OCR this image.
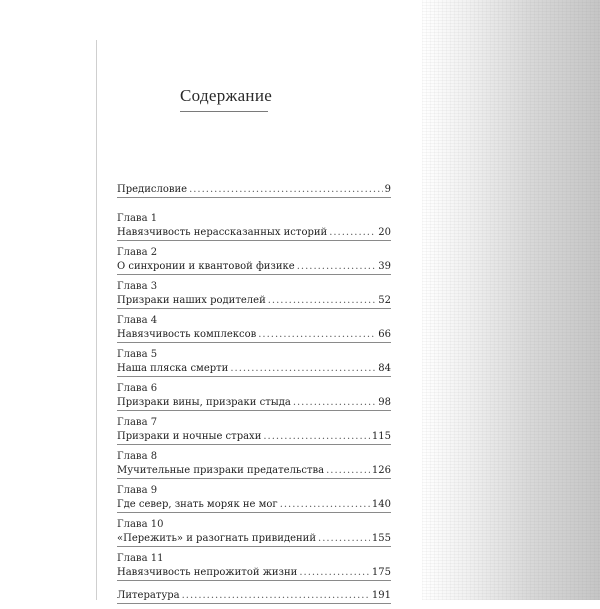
Содержание
Предисловие .....	9
Глава 1
Навязчивость нерассказанных историй .....	20
Глава 2
О синхронии и квантовой физике .....	39
Глава 3
Призраки наших родителей .....	52
Глава 4
Навязчивость комплексов .....	66
Глава 5
Наша пляска смерти .....	84
Глава 6
Призраки вины, призраки стыда .....	98
Глава 7
Призраки и ночные страхи .....	115
Глава 8
Мучительные призраки предательства .....	126
Глава 9
Где север, знать моряк не мог .....	140
Глава 10
«Пережить» и разогнать привидений .....	155
Глава 11
Навязчивость непрожитой жизни .....	175
Литература .....	191
